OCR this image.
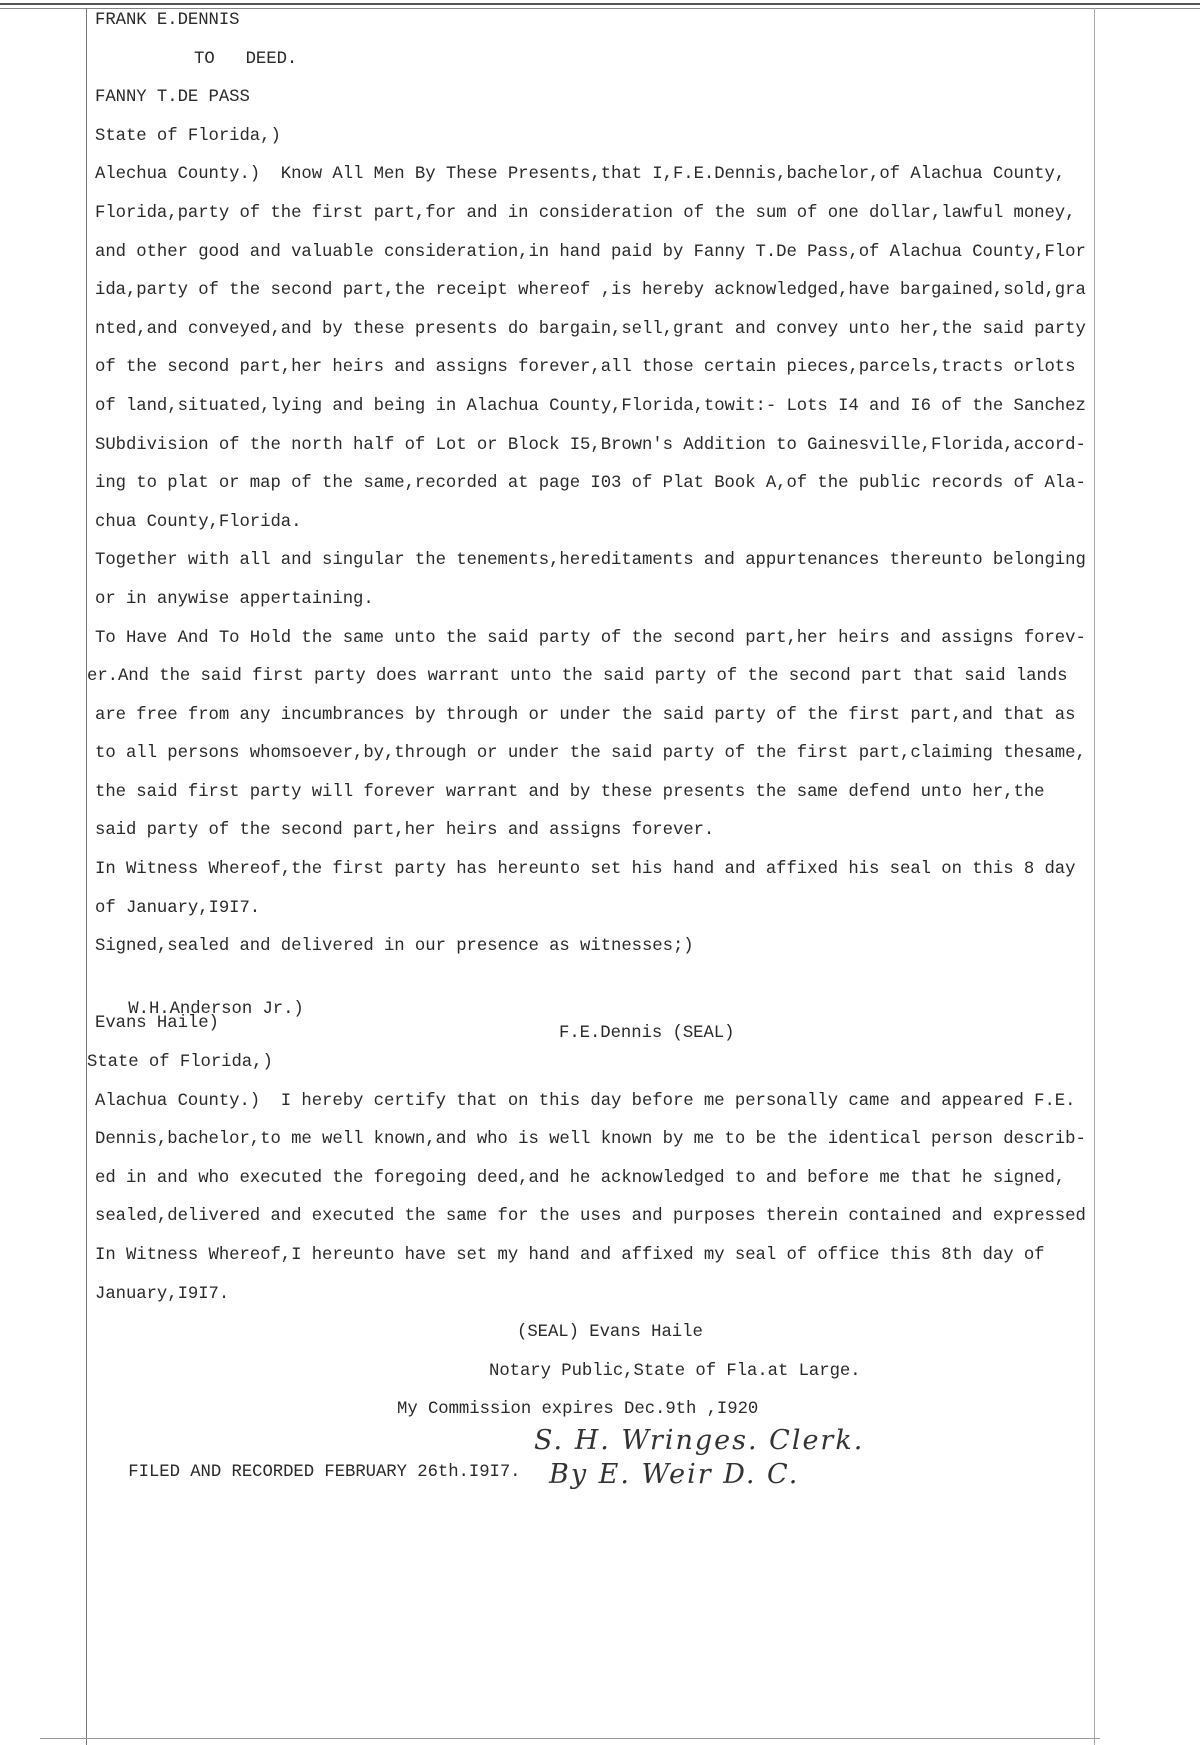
FRANK E.DENNIS
TO   DEED.
FANNY T.DE PASS
State of Florida,)
Alechua County.)  Know All Men By These Presents,that I,F.E.Dennis,bachelor,of Alachua County,
Florida,party of the first part,for and in consideration of the sum of one dollar,lawful money,
and other good and valuable consideration,in hand paid by Fanny T.De Pass,of Alachua County,Flor
ida,party of the second part,the receipt whereof ,is hereby acknowledged,have bargained,sold,gra
nted,and conveyed,and by these presents do bargain,sell,grant and convey unto her,the said party
of the second part,her heirs and assigns forever,all those certain pieces,parcels,tracts orlots
of land,situated,lying and being in Alachua County,Florida,towit:- Lots I4 and I6 of the Sanchez
SUbdivision of the north half of Lot or Block I5,Brown's Addition to Gainesville,Florida,accord-
ing to plat or map of the same,recorded at page I03 of Plat Book A,of the public records of Ala-
chua County,Florida.
Together with all and singular the tenements,hereditaments and appurtenances thereunto belonging
or in anywise appertaining.
To Have And To Hold the same unto the said party of the second part,her heirs and assigns forev-
er.And the said first party does warrant unto the said party of the second part that said lands
are free from any incumbrances by through or under the said party of the first part,and that as
to all persons whomsoever,by,through or under the said party of the first part,claiming thesame,
the said first party will forever warrant and by these presents the same defend unto her,the
said party of the second part,her heirs and assigns forever.
In Witness Whereof,the first party has hereunto set his hand and affixed his seal on this 8 day
of January,I9I7.
Signed,sealed and delivered in our presence as witnesses;)

W.H.Anderson Jr.)

F.E.Dennis (SEAL)

Evans Haile)
State of Florida,)
Alachua County.)  I hereby certify that on this day before me personally came and appeared F.E.
Dennis,bachelor,to me well known,and who is well known by me to be the identical person describ-
ed in and who executed the foregoing deed,and he acknowledged to and before me that he signed,
sealed,delivered and executed the same for the uses and purposes therein contained and expressed
In Witness Whereof,I hereunto have set my hand and affixed my seal of office this 8th day of
January,I9I7.
(SEAL) Evans Haile
Notary Public,State of Fla.at Large.
My Commission expires Dec.9th ,I920

FILED AND RECORDED FEBRUARY 26th.I9I7.

S. H. Wringes. Clerk.

By E. Weir D. C.
